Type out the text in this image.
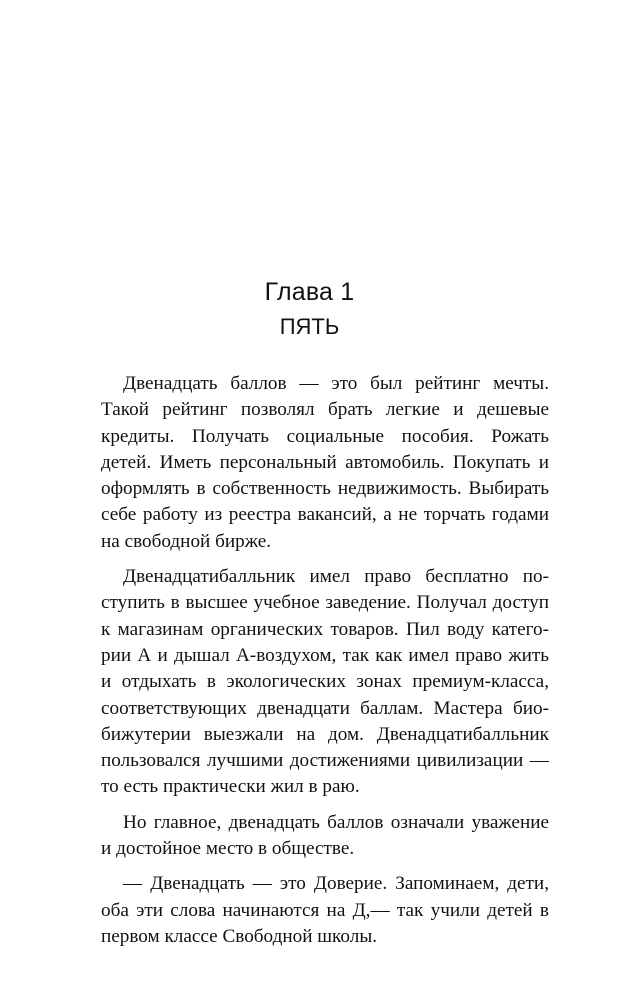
Глава 1
ПЯТЬ

Двенадцать баллов — это был рейтинг мечты. Такой рейтинг позволял брать легкие и дешевые кредиты. Получать социальные пособия. Рожать детей. Иметь персональный автомобиль. Покупать и оформлять в собственность недвижимость. Выбирать себе работу из реестра вакансий, а не торчать годами на свободной бирже.

Двенадцатибалльник имел право бесплатно поступить в высшее учебное заведение. Получал доступ к магазинам органических товаров. Пил воду категории А и дышал А-воздухом, так как имел право жить и отдыхать в экологических зонах премиум-класса, соответствующих двенадцати баллам. Мастера биобижутерии выезжали на дом. Двенадцатибалльник пользовался лучшими достижениями цивилизации — то есть практически жил в раю.

Но главное, двенадцать баллов означали уважение и достойное место в обществе.

— Двенадцать — это Доверие. Запоминаем, дети, оба эти слова начинаются на Д,— так учили детей в первом классе Свободной школы.
